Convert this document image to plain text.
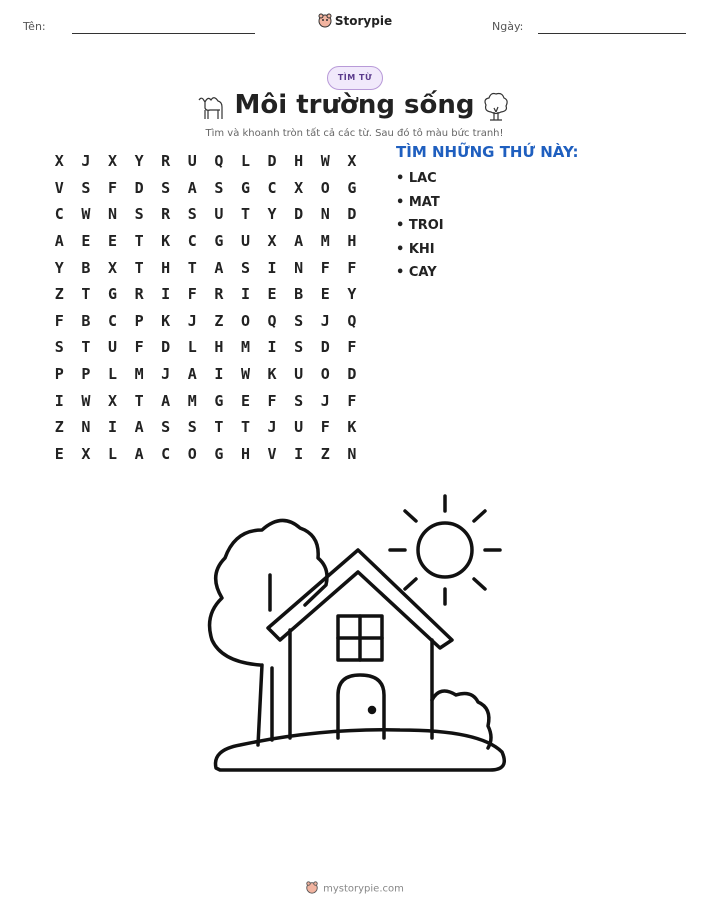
Tên:	Storypie	Ngày:
TÌM TỪ
Môi trường sống
Tìm và khoanh tròn tất cả các từ. Sau đó tô màu bức tranh!
X	J	X	Y	R	U	Q	L	D	H	W	X
V	S	F	D	S	A	S	G	C	X	O	G
C	W	N	S	R	S	U	T	Y	D	N	D
A	E	E	T	K	C	G	U	X	A	M	H
Y	B	X	T	H	T	A	S	I	N	F	F
Z	T	G	R	I	F	R	I	E	B	E	Y
F	B	C	P	K	J	Z	O	Q	S	J	Q
S	T	U	F	D	L	H	M	I	S	D	F
P	P	L	M	J	A	I	W	K	U	O	D
I	W	X	T	A	M	G	E	F	S	J	F
Z	N	I	A	S	S	T	T	J	U	F	K
E	X	L	A	C	O	G	H	V	I	Z	N
TÌM NHỮNG THỨ NÀY:
• LAC
• MAT
• TROI
• KHI
• CAY
mystorypie.com
